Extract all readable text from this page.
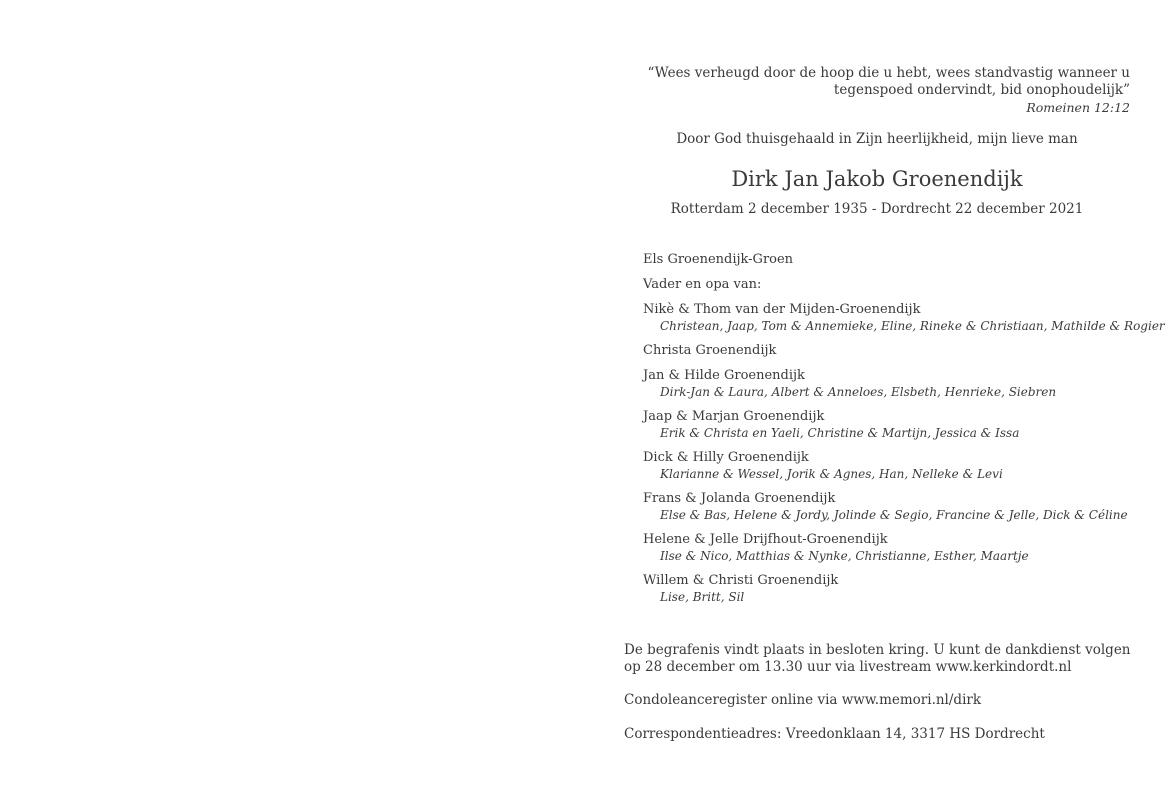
“Wees verheugd door de hoop die u hebt, wees standvastig wanneer u
tegenspoed ondervindt, bid onophoudelijk”
Romeinen 12:12
Door God thuisgehaald in Zijn heerlijkheid, mijn lieve man
Dirk Jan Jakob Groenendijk
Rotterdam 2 december 1935 - Dordrecht 22 december 2021
Els Groenendijk-Groen
Vader en opa van:
Nikè & Thom van der Mijden-Groenendijk
Christean, Jaap, Tom & Annemieke, Eline, Rineke & Christiaan, Mathilde & Rogier
Christa Groenendijk
Jan & Hilde Groenendijk
Dirk-Jan & Laura, Albert & Anneloes, Elsbeth, Henrieke, Siebren
Jaap & Marjan Groenendijk
Erik & Christa en Yaeli, Christine & Martijn, Jessica & Issa
Dick & Hilly Groenendijk
Klarianne & Wessel, Jorik & Agnes, Han, Nelleke & Levi
Frans & Jolanda Groenendijk
Else & Bas, Helene & Jordy, Jolinde & Segio, Francine & Jelle, Dick & Céline
Helene & Jelle Drijfhout-Groenendijk
Ilse & Nico, Matthias & Nynke, Christianne, Esther, Maartje
Willem & Christi Groenendijk
Lise, Britt, Sil
De begrafenis vindt plaats in besloten kring. U kunt de dankdienst volgen
op 28 december om 13.30 uur via livestream www.kerkindordt.nl
Condoleanceregister online via www.memori.nl/dirk
Correspondentieadres: Vreedonklaan 14, 3317 HS Dordrecht
